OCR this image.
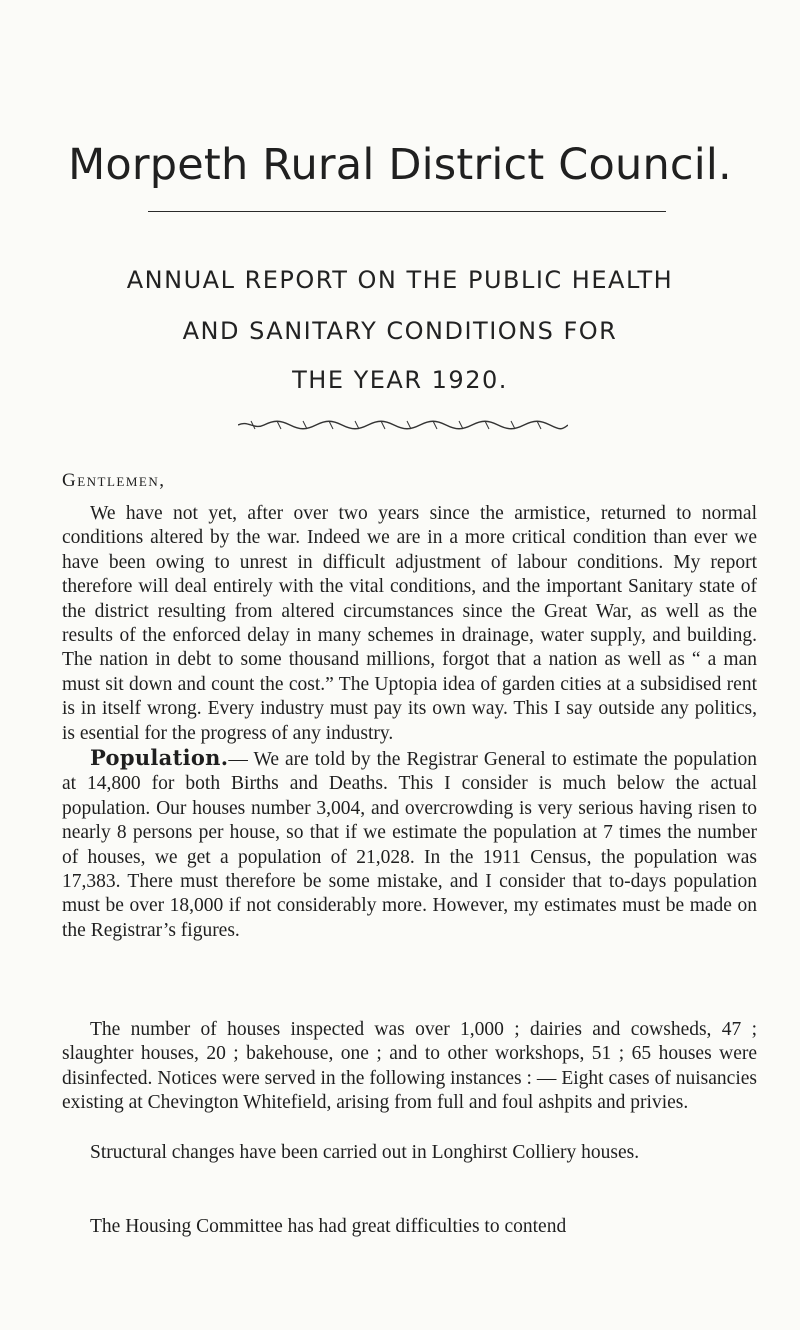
Morpeth Rural District Council.
ANNUAL REPORT ON THE PUBLIC HEALTH
AND SANITARY CONDITIONS FOR
THE YEAR 1920.
Gentlemen,

We have not yet, after over two years since the armistice, returned to normal conditions altered by the war. Indeed we are in a more critical condition than ever we have been owing to unrest in difficult adjustment of labour conditions. My report therefore will deal entirely with the vital conditions, and the important Sanitary state of the district resulting from altered circumstances since the Great War, as well as the results of the enforced delay in many schemes in drainage, water supply, and building. The nation in debt to some thousand millions, forgot that a nation as well as “ a man must sit down and count the cost.” The Uptopia idea of garden cities at a subsidised rent is in itself wrong. Every industry must pay its own way. This I say outside any politics, is esential for the progress of any industry.

Population.— We are told by the Registrar General to estimate the population at 14,800 for both Births and Deaths. This I consider is much below the actual population. Our houses number 3,004, and overcrowding is very serious having risen to nearly 8 persons per house, so that if we estimate the population at 7 times the number of houses, we get a population of 21,028. In the 1911 Census, the population was 17,383. There must therefore be some mistake, and I consider that to-days population must be over 18,000 if not considerably more. However, my estimates must be made on the Registrar’s figures.

The number of houses inspected was over 1,000 ; dairies and cowsheds, 47 ; slaughter houses, 20 ; bakehouse, one ; and to other workshops, 51 ; 65 houses were disinfected. Notices were served in the following instances : — Eight cases of nuisancies existing at Chevington Whitefield, arising from full and foul ashpits and privies.

Structural changes have been carried out in Longhirst Colliery houses.

The Housing Committee has had great difficulties to contend
